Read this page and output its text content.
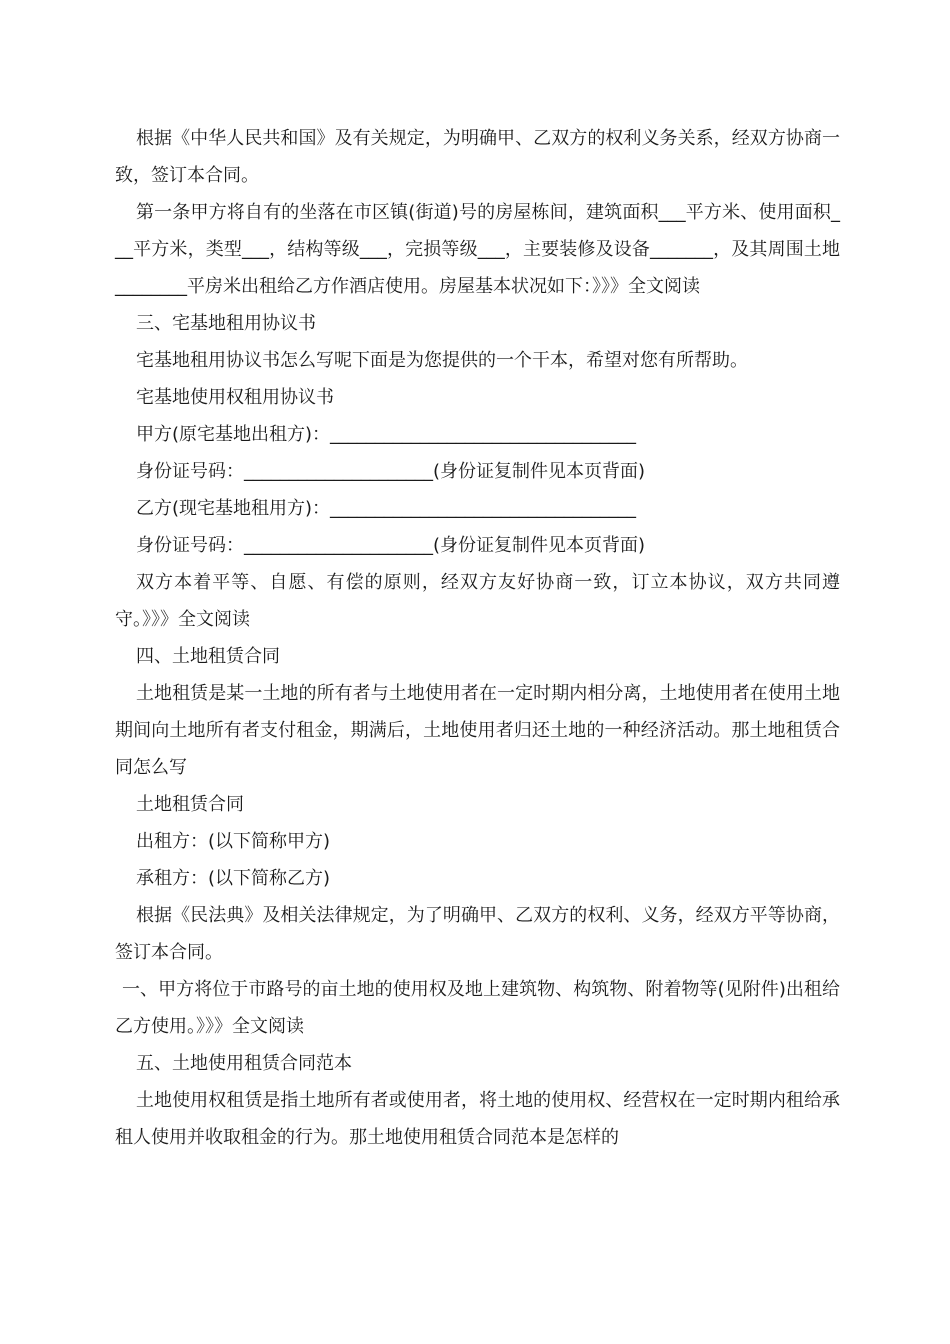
根据《中华人民共和国》及有关规定，为明确甲、乙双方的权利义务关系，经双方协商一致，签订本合同。

第一条甲方将自有的坐落在市区镇(街道)号的房屋栋间，建筑面积___平方米、使用面积___平方米，类型___，结构等级___，完损等级___，主要装修及设备_______，及其周围土地________平房米出租给乙方作酒店使用。房屋基本状况如下：》》》全文阅读

三、宅基地租用协议书

宅基地租用协议书怎么写呢下面是为您提供的一个干本，希望对您有所帮助。

宅基地使用权租用协议书

甲方(原宅基地出租方)：__________________________________

身份证号码：_____________________(身份证复制件见本页背面)

乙方(现宅基地租用方)：__________________________________

身份证号码：_____________________(身份证复制件见本页背面)

双方本着平等、自愿、有偿的原则，经双方友好协商一致，订立本协议，双方共同遵守。》》》全文阅读

四、土地租赁合同

土地租赁是某一土地的所有者与土地使用者在一定时期内相分离，土地使用者在使用土地期间向土地所有者支付租金，期满后，土地使用者归还土地的一种经济活动。那土地租赁合同怎么写

土地租赁合同

出租方：(以下简称甲方)

承租方：(以下简称乙方)

根据《民法典》及相关法律规定，为了明确甲、乙双方的权利、义务，经双方平等协商，签订本合同。

一、甲方将位于市路号的亩土地的使用权及地上建筑物、构筑物、附着物等(见附件)出租给乙方使用。》》》全文阅读

五、土地使用租赁合同范本

土地使用权租赁是指土地所有者或使用者，将土地的使用权、经营权在一定时期内租给承租人使用并收取租金的行为。那土地使用租赁合同范本是怎样的
